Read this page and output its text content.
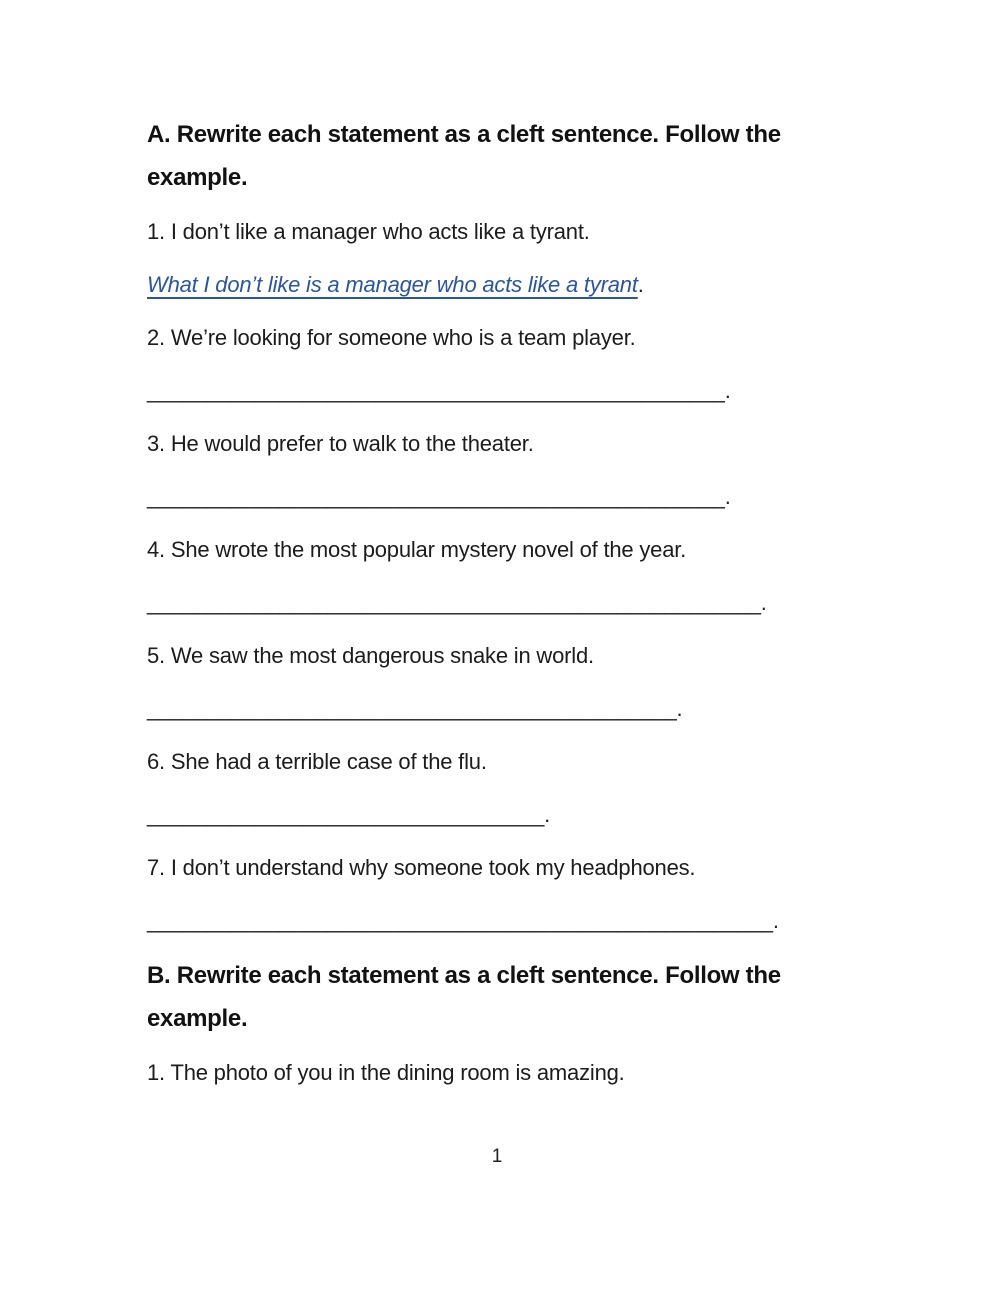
A. Rewrite each statement as a cleft sentence. Follow the
example.

1. I don’t like a manager who acts like a tyrant.

What I don’t like is a manager who acts like a tyrant.

2. We’re looking for someone who is a team player.

________________________________________________.

3. He would prefer to walk to the theater.

________________________________________________.

4. She wrote the most popular mystery novel of the year.

___________________________________________________.

5. We saw the most dangerous snake in world.

____________________________________________.

6. She had a terrible case of the flu.

_________________________________.

7. I don’t understand why someone took my headphones.

____________________________________________________.

B. Rewrite each statement as a cleft sentence. Follow the
example.

1. The photo of you in the dining room is amazing.

1
